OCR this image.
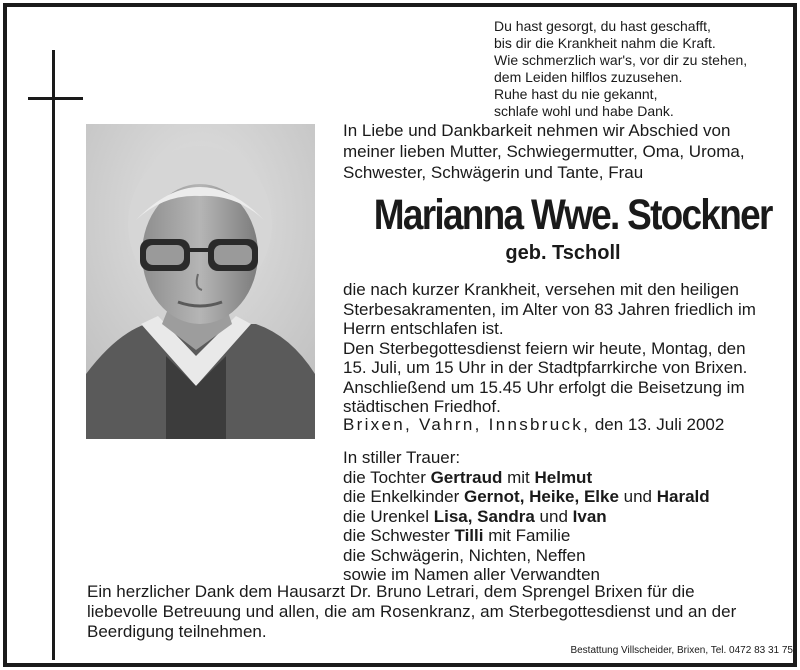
Du hast gesorgt, du hast geschafft,
bis dir die Krankheit nahm die Kraft.
Wie schmerzlich war's, vor dir zu stehen,
dem Leiden hilflos zuzusehen.
Ruhe hast du nie gekannt,
schlafe wohl und habe Dank.
In Liebe und Dankbarkeit nehmen wir Abschied von
meiner lieben Mutter, Schwiegermutter, Oma, Uroma,
Schwester, Schwägerin und Tante, Frau
Marianna Wwe. Stockner
geb. Tscholl
die nach kurzer Krankheit, versehen mit den heiligen
Sterbesakramenten, im Alter von 83 Jahren friedlich im
Herrn entschlafen ist.
Den Sterbegottesdienst feiern wir heute, Montag, den
15. Juli, um 15 Uhr in der Stadtpfarrkirche von Brixen.
Anschließend um 15.45 Uhr erfolgt die Beisetzung im
städtischen Friedhof.
Brixen, Vahrn, Innsbruck, den 13. Juli 2002
In stiller Trauer:
die Tochter Gertraud mit Helmut
die Enkelkinder Gernot, Heike, Elke und Harald
die Urenkel Lisa, Sandra und Ivan
die Schwester Tilli mit Familie
die Schwägerin, Nichten, Neffen
sowie im Namen aller Verwandten
Ein herzlicher Dank dem Hausarzt Dr. Bruno Letrari, dem Sprengel Brixen für die
liebevolle Betreuung und allen, die am Rosenkranz, am Sterbegottesdienst und an der
Beerdigung teilnehmen.
Bestattung Villscheider, Brixen, Tel. 0472 83 31 75
